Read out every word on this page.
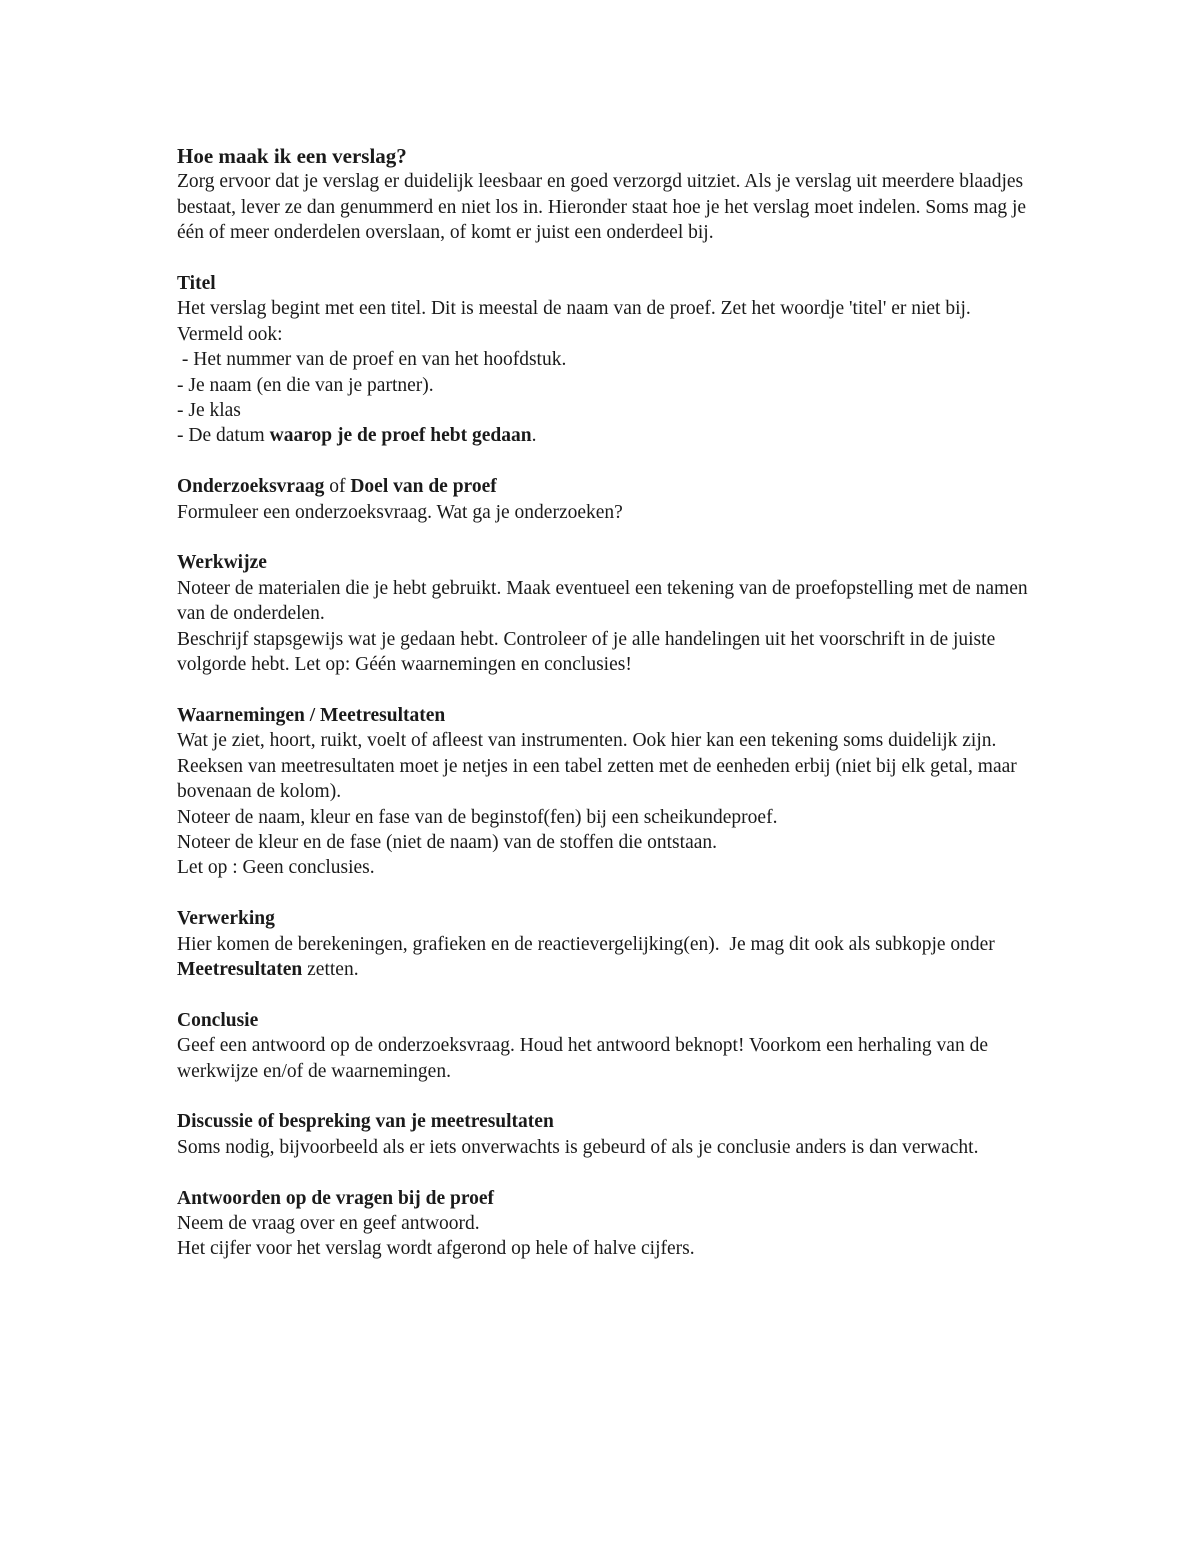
Hoe maak ik een verslag?

Zorg ervoor dat je verslag er duidelijk leesbaar en goed verzorgd uitziet. Als je verslag uit meerdere blaadjes bestaat, lever ze dan genummerd en niet los in. Hieronder staat hoe je het verslag moet indelen. Soms mag je één of meer onderdelen overslaan, of komt er juist een onderdeel bij.

Titel

Het verslag begint met een titel. Dit is meestal de naam van de proef. Zet het woordje 'titel' er niet bij.

Vermeld ook:

- Het nummer van de proef en van het hoofdstuk.

- Je naam (en die van je partner).

- Je klas

- De datum waarop je de proef hebt gedaan.

Onderzoeksvraag of Doel van de proef

Formuleer een onderzoeksvraag. Wat ga je onderzoeken?

Werkwijze

Noteer de materialen die je hebt gebruikt. Maak eventueel een tekening van de proefopstelling met de namen van de onderdelen.

Beschrijf stapsgewijs wat je gedaan hebt. Controleer of je alle handelingen uit het voorschrift in de juiste volgorde hebt. Let op: Géén waarnemingen en conclusies!

Waarnemingen / Meetresultaten

Wat je ziet, hoort, ruikt, voelt of afleest van instrumenten. Ook hier kan een tekening soms duidelijk zijn.

Reeksen van meetresultaten moet je netjes in een tabel zetten met de eenheden erbij (niet bij elk getal, maar bovenaan de kolom).

Noteer de naam, kleur en fase van de beginstof(fen) bij een scheikundeproef.

Noteer de kleur en de fase (niet de naam) van de stoffen die ontstaan.

Let op : Geen conclusies.

Verwerking

Hier komen de berekeningen, grafieken en de reactievergelijking(en).  Je mag dit ook als subkopje onder Meetresultaten zetten.

Conclusie

Geef een antwoord op de onderzoeksvraag. Houd het antwoord beknopt! Voorkom een herhaling van de werkwijze en/of de waarnemingen.

Discussie of bespreking van je meetresultaten

Soms nodig, bijvoorbeeld als er iets onverwachts is gebeurd of als je conclusie anders is dan verwacht.

Antwoorden op de vragen bij de proef

Neem de vraag over en geef antwoord.

Het cijfer voor het verslag wordt afgerond op hele of halve cijfers.
